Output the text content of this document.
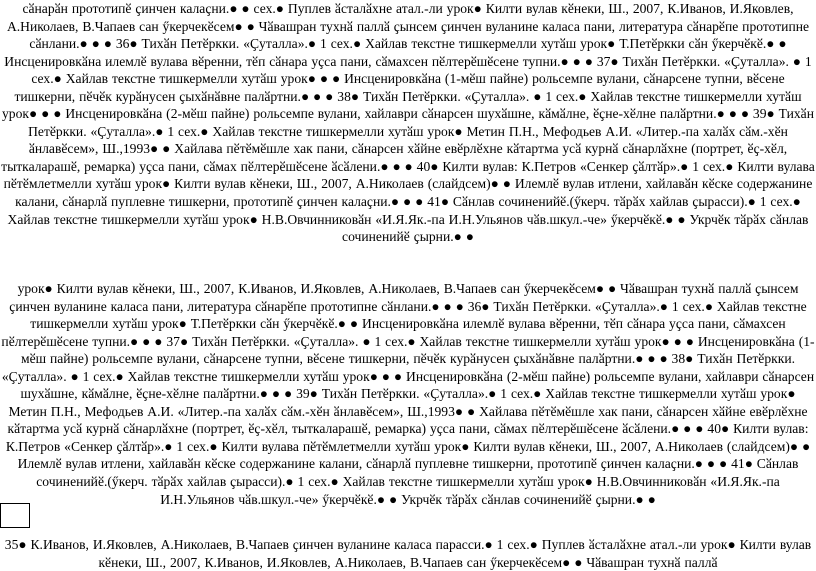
сӑнарӑн прототипӗ ҫинчен калаҫни.● ● сех.● Пуплев ӑсталӑхне атал.-ли урок● Килти вулав кӗнеки, Ш., 2007, К.Иванов, И.Яковлев, А.Николаев, В.Чапаев сан ӳкерчекӗсем● ● Чӑвашран тухнӑ паллӑ ҫынсем ҫинчен вуланине каласа пани, литература сӑнарӗпе прототипне сӑнлани.● ● ● 36● Тихӑн Петӗркки. «Ҫуталла».● 1 сех.● Хайлав текстне тишкермелли хутӑш урок● Т.Петӗркки сӑн ӳкерчӗкӗ.● ● Инсценировкӑна илемлӗ вулава вӗренни, тӗп сӑнара уҫса пани, сӑмахсен пӗлтерӗшӗсене тупни.● ● ● 37● Тихӑн Петӗркки. «Ҫуталла». ● 1 сех.● Хайлав текстне тишкермелли хутӑш урок● ● ● Инсценировкӑна (1-мӗш пайне) рольсемпе вулани, сӑнарсене тупни, вӗсене тишкерни, пӗчӗк курӑнусен ҫыхӑнӑвне палӑртни.● ● ● 38● Тихӑн Петӗркки. «Ҫуталла». ● 1 сех.● Хайлав текстне тишкермелли хутӑш урок● ● ● Инсценировкӑна (2-мӗш пайне) рольсемпе вулани, хайлаври сӑнарсен шухӑшне, кӑмӑлне, ӗҫне-хӗлне палӑртни.● ● ● 39● Тихӑн Петӗркки. «Ҫуталла».● 1 сех.● Хайлав текстне тишкермелли хутӑш урок● Метин П.Н., Мефодьев А.И. «Литер.-па халӑх сӑм.-хӗн ӑнлавӗсем», Ш.,1993● ● Хайлава пӗтӗмӗшле хак пани, сӑнарсен хӑйне евӗрлӗхне кӑтартма усӑ курнӑ сӑнарлӑхне (портрет, ӗҫ-хӗл, тыткаларашӗ, ремарка) уҫса пани, сӑмах пӗлтерӗшӗсене ӑсӑлени.● ● ● 40● Килти вулав: К.Петров «Сенкер ҫӑлтӑр».● 1 сех.● Килти вулава пӗтӗмлетмелли хутӑш урок● Килти вулав кӗнеки, Ш., 2007, А.Николаев (слайдсем)● ● Илемлӗ вулав итлени, хайлавӑн кӗске содержанине калани, сӑнарлӑ пуплевне тишкерни, прототипӗ ҫинчен калаҫни.● ● ● 41● Сӑнлав сочиненийӗ.(ӳкерч. тӑрӑх хайлав ҫырасси).● 1 сех.● Хайлав текстне тишкермелли хутӑш урок● Н.В.Овчинниковӑн «И.Я.Як.-па И.Н.Ульянов чӑв.шкул.-че» ӳкерчӗкӗ.● ● Укрчӗк тӑрӑх сӑнлав сочиненийӗ ҫырни.● ●

урок● Килти вулав кӗнеки, Ш., 2007, К.Иванов, И.Яковлев, А.Николаев, В.Чапаев сан ӳкерчекӗсем● ● Чӑвашран тухнӑ паллӑ ҫынсем ҫинчен вуланине каласа пани, литература сӑнарӗпе прототипне сӑнлани.● ● ● 36● Тихӑн Петӗркки. «Ҫуталла».● 1 сех.● Хайлав текстне тишкермелли хутӑш урок● Т.Петӗркки сӑн ӳкерчӗкӗ.● ● Инсценировкӑна илемлӗ вулава вӗренни, тӗп сӑнара уҫса пани, сӑмахсен пӗлтерӗшӗсене тупни.● ● ● 37● Тихӑн Петӗркки. «Ҫуталла». ● 1 сех.● Хайлав текстне тишкермелли хутӑш урок● ● ● Инсценировкӑна (1-мӗш пайне) рольсемпе вулани, сӑнарсене тупни, вӗсене тишкерни, пӗчӗк курӑнусен ҫыхӑнӑвне палӑртни.● ● ● 38● Тихӑн Петӗркки. «Ҫуталла». ● 1 сех.● Хайлав текстне тишкермелли хутӑш урок● ● ● Инсценировкӑна (2-мӗш пайне) рольсемпе вулани, хайлаври сӑнарсен шухӑшне, кӑмӑлне, ӗҫне-хӗлне палӑртни.● ● ● 39● Тихӑн Петӗркки. «Ҫуталла».● 1 сех.● Хайлав текстне тишкермелли хутӑш урок● Метин П.Н., Мефодьев А.И. «Литер.-па халӑх сӑм.-хӗн ӑнлавӗсем», Ш.,1993● ● Хайлава пӗтӗмӗшле хак пани, сӑнарсен хӑйне евӗрлӗхне кӑтартма усӑ курнӑ сӑнарлӑхне (портрет, ӗҫ-хӗл, тыткаларашӗ, ремарка) уҫса пани, сӑмах пӗлтерӗшӗсене ӑсӑлени.● ● ● 40● Килти вулав: К.Петров «Сенкер ҫӑлтӑр».● 1 сех.● Килти вулава пӗтӗмлетмелли хутӑш урок● Килти вулав кӗнеки, Ш., 2007, А.Николаев (слайдсем)● ● Илемлӗ вулав итлени, хайлавӑн кӗске содержанине калани, сӑнарлӑ пуплевне тишкерни, прототипӗ ҫинчен калаҫни.● ● ● 41● Сӑнлав сочиненийӗ.(ӳкерч. тӑрӑх хайлав ҫырасси).● 1 сех.● Хайлав текстне тишкермелли хутӑш урок● Н.В.Овчинниковӑн «И.Я.Як.-па И.Н.Ульянов чӑв.шкул.-че» ӳкерчӗкӗ.● ● Укрчӗк тӑрӑх сӑнлав сочиненийӗ ҫырни.● ●

35● К.Иванов, И.Яковлев, А.Николаев, В.Чапаев ҫинчен вуланине каласа парасси.● 1 сех.● Пуплев ӑсталӑхне атал.-ли урок● Килти вулав кӗнеки, Ш., 2007, К.Иванов, И.Яковлев, А.Николаев, В.Чапаев сан ӳкерчекӗсем● ● Чӑвашран тухнӑ паллӑ
